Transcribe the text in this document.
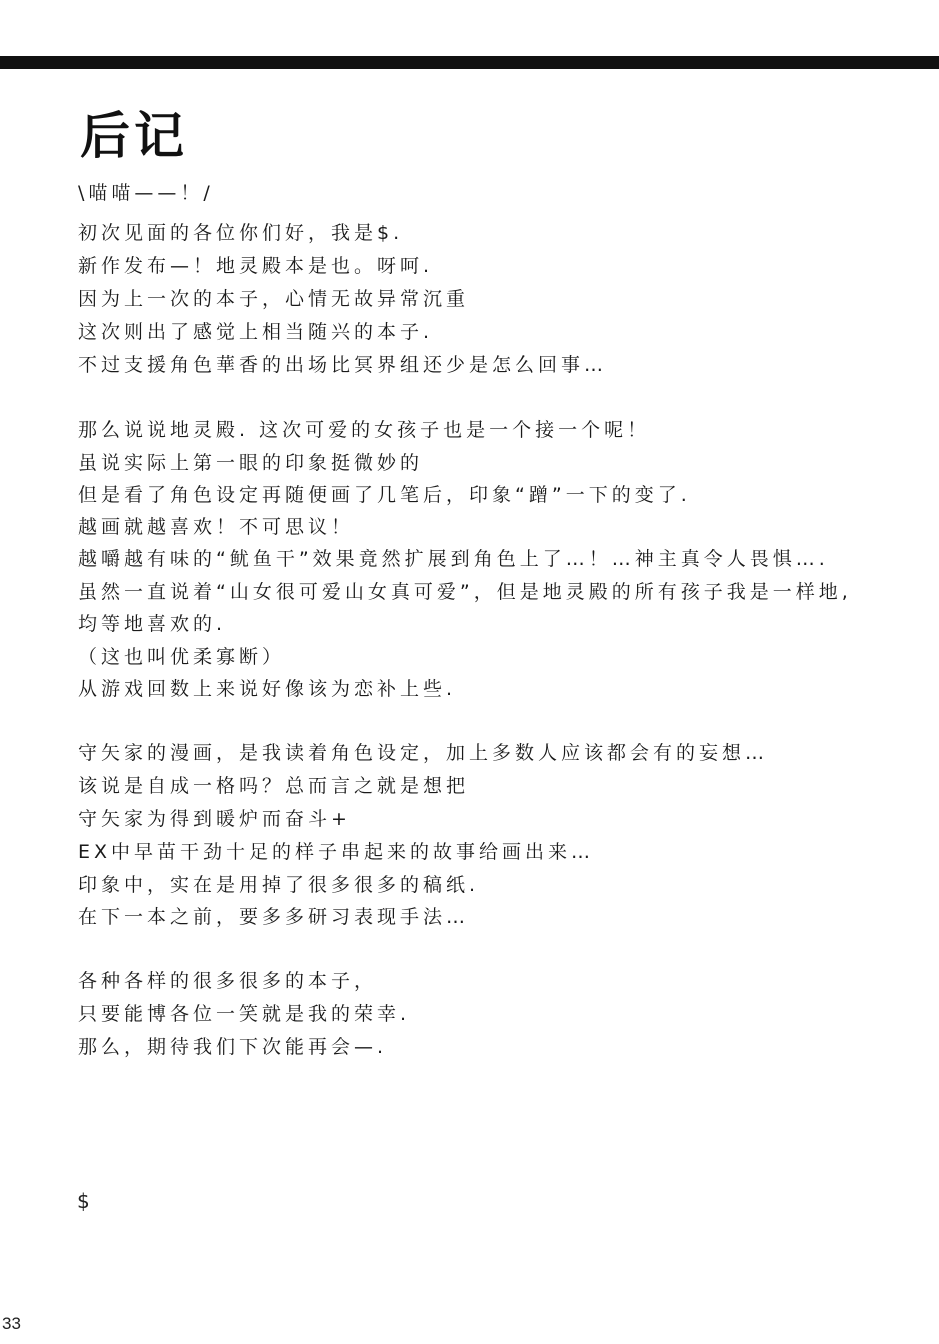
后记
\喵喵——！/
初次见面的各位你们好，我是$.
新作发布—！地灵殿本是也。呀呵.
因为上一次的本子，心情无故异常沉重
这次则出了感觉上相当随兴的本子.
不过支援角色華香的出场比冥界组还少是怎么回事…
那么说说地灵殿. 这次可爱的女孩子也是一个接一个呢！
虽说实际上第一眼的印象挺微妙的
但是看了角色设定再随便画了几笔后，印象“蹭”一下的变了.
越画就越喜欢！不可思议！
越嚼越有味的“鱿鱼干”效果竟然扩展到角色上了…！…神主真令人畏惧….
虽然一直说着“山女很可爱山女真可爱”，但是地灵殿的所有孩子我是一样地,
均等地喜欢的.
（这也叫优柔寡断）
从游戏回数上来说好像该为恋补上些.
守矢家的漫画，是我读着角色设定，加上多数人应该都会有的妄想…
该说是自成一格吗？总而言之就是想把
守矢家为得到暖炉而奋斗+
EX中早苗干劲十足的样子串起来的故事给画出来…
印象中，实在是用掉了很多很多的稿纸.
在下一本之前，要多多研习表现手法…
各种各样的很多很多的本子，
只要能博各位一笑就是我的荣幸.
那么，期待我们下次能再会—.
$
33
